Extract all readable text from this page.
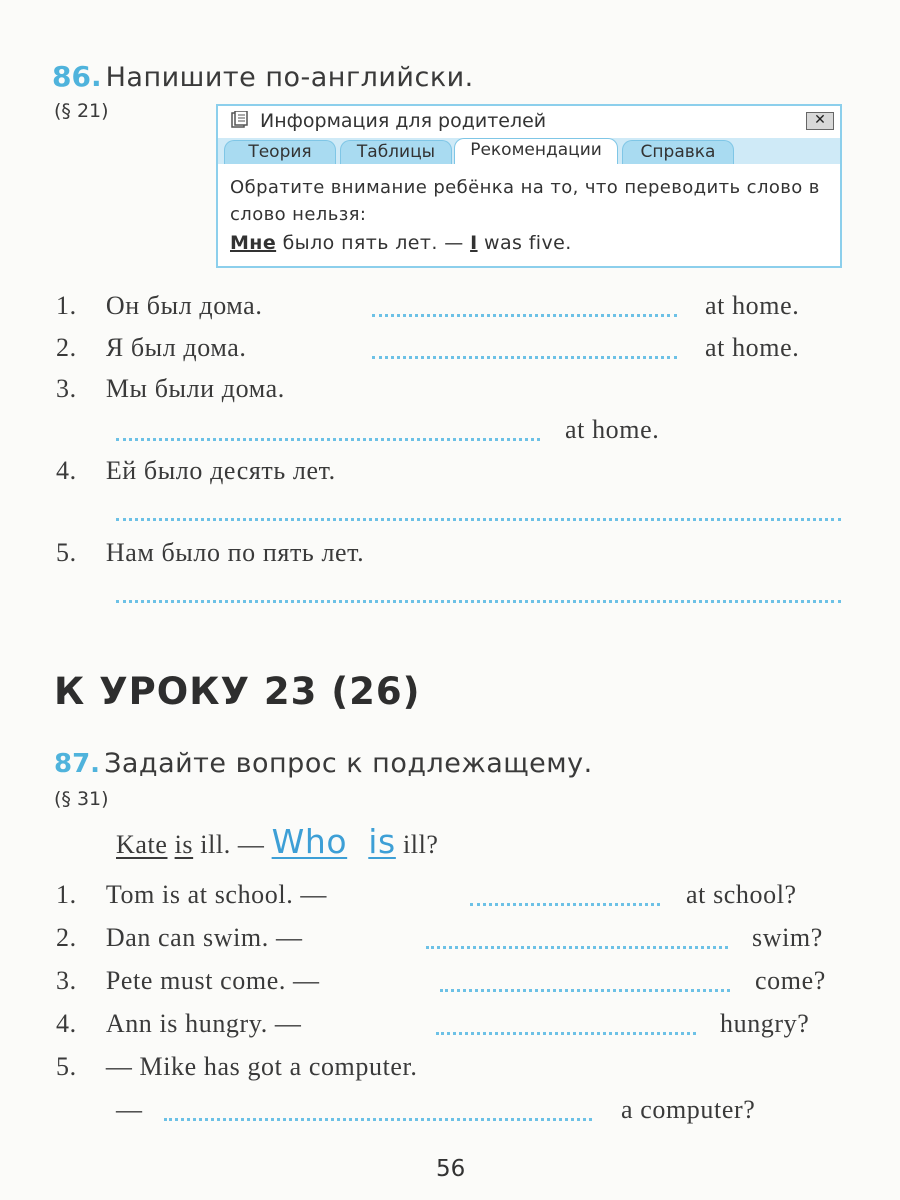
86. Напишите по-английски.
(§ 21)	Информация для родителей	✕
Теория	Таблицы	Рекомендации	Справка
Обратите внимание ребёнка на то, что переводить слово в слово нельзя:
Мне было пять лет. — I was five.
1. Он был дома.	at home.
2. Я был дома.	at home.
3. Мы были дома.
at home.
4. Ей было десять лет.
5. Нам было по пять лет.
К УРОКУ 23 (26)
87. Задайте вопрос к подлежащему.
(§ 31)
Kate is ill. — Who is ill?
1. Tom is at school. —	at school?
2. Dan can swim. —	swim?
3. Pete must come. —	come?
4. Ann is hungry. —	hungry?
5. — Mike has got a computer.
—	a computer?
56
